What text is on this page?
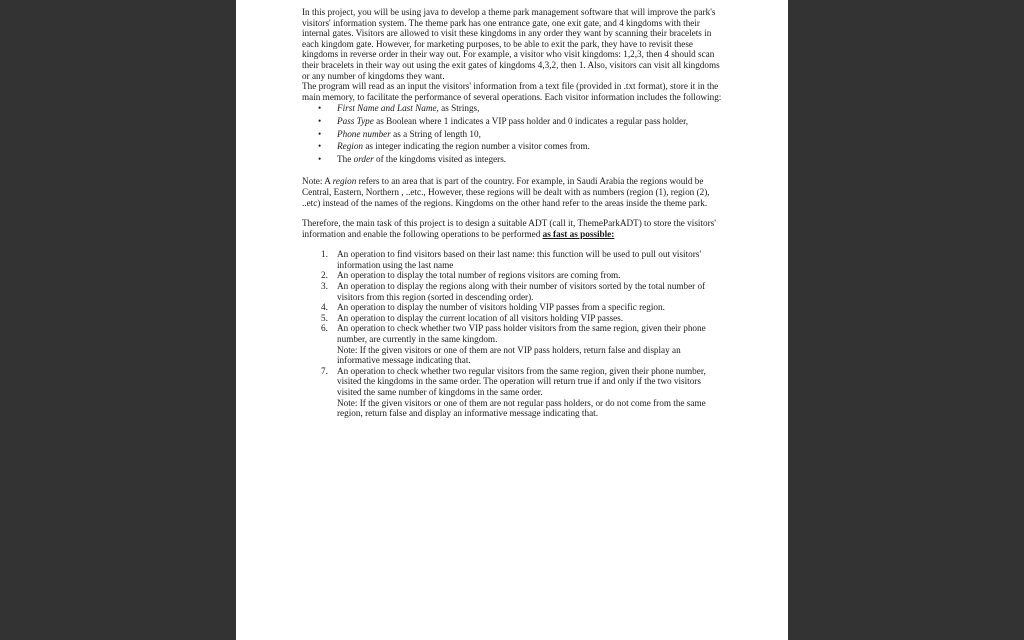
In this project, you will be using java to develop a theme park management software that will improve the park's visitors' information system. The theme park has one entrance gate, one exit gate, and 4 kingdoms with their internal gates. Visitors are allowed to visit these kingdoms in any order they want by scanning their bracelets in each kingdom gate. However, for marketing purposes, to be able to exit the park, they have to revisit these kingdoms in reverse order in their way out. For example, a visitor who visit kingdoms: 1,2,3, then 4 should scan their bracelets in their way out using the exit gates of kingdoms 4,3,2, then 1. Also, visitors can visit all kingdoms or any number of kingdoms they want.

The program will read as an input the visitors' information from a text file (provided in .txt format), store it in the main memory, to facilitate the performance of several operations. Each visitor information includes the following:

• First Name and Last Name, as Strings,
• Pass Type as Boolean where 1 indicates a VIP pass holder and 0 indicates a regular pass holder,
• Phone number as a String of length 10,
• Region as integer indicating the region number a visitor comes from.
• The order of the kingdoms visited as integers.

Note: A region refers to an area that is part of the country. For example, in Saudi Arabia the regions would be Central, Eastern, Northern , ..etc., However, these regions will be dealt with as numbers (region (1), region (2), ..etc) instead of the names of the regions. Kingdoms on the other hand refer to the areas inside the theme park.

Therefore, the main task of this project is to design a suitable ADT (call it, ThemeParkADT) to store the visitors' information and enable the following operations to be performed as fast as possible:

1. An operation to find visitors based on their last name: this function will be used to pull out visitors' information using the last name
2. An operation to display the total number of regions visitors are coming from.
3. An operation to display the regions along with their number of visitors sorted by the total number of visitors from this region (sorted in descending order).
4. An operation to display the number of visitors holding VIP passes from a specific region.
5. An operation to display the current location of all visitors holding VIP passes.
6. An operation to check whether two VIP pass holder visitors from the same region, given their phone number, are currently in the same kingdom.
Note: If the given visitors or one of them are not VIP pass holders, return false and display an informative message indicating that.
7. An operation to check whether two regular visitors from the same region, given their phone number, visited the kingdoms in the same order. The operation will return true if and only if the two visitors visited the same number of kingdoms in the same order.
Note: If the given visitors or one of them are not regular pass holders, or do not come from the same region, return false and display an informative message indicating that.
